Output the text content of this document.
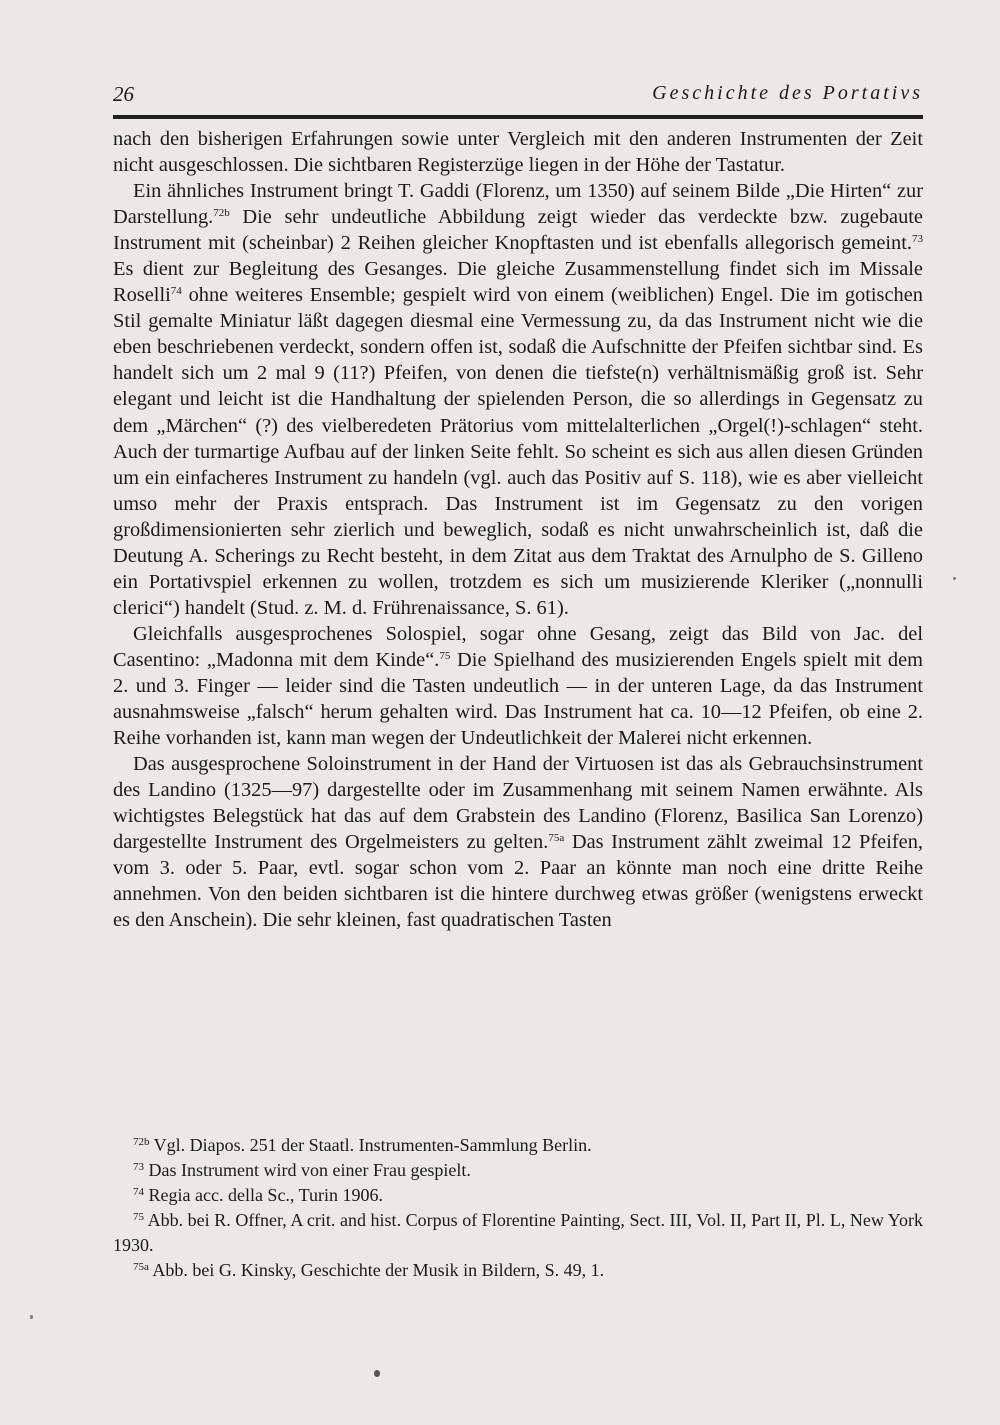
26	Geschichte des Portativs

nach den bisherigen Erfahrungen sowie unter Vergleich mit den anderen Instrumenten der Zeit nicht ausgeschlossen. Die sichtbaren Registerzüge liegen in der Höhe der Tastatur.

Ein ähnliches Instrument bringt T. Gaddi (Florenz, um 1350) auf seinem Bilde „Die Hirten“ zur Darstellung.$^{72b}$ Die sehr undeutliche Abbildung zeigt wieder das verdeckte bzw. zugebaute Instrument mit (scheinbar) 2 Reihen gleicher Knopftasten und ist ebenfalls allegorisch gemeint.$^{73}$ Es dient zur Begleitung des Gesanges. Die gleiche Zusammenstellung findet sich im Missale Roselli$^{74}$ ohne weiteres Ensemble; gespielt wird von einem (weiblichen) Engel. Die im gotischen Stil gemalte Miniatur läßt dagegen diesmal eine Vermessung zu, da das Instrument nicht wie die eben beschriebenen verdeckt, sondern offen ist, sodaß die Aufschnitte der Pfeifen sichtbar sind. Es handelt sich um 2 mal 9 (11?) Pfeifen, von denen die tiefste(n) verhältnismäßig groß ist. Sehr elegant und leicht ist die Handhaltung der spielenden Person, die so allerdings in Gegensatz zu dem „Märchen“ (?) des vielberedeten Prätorius vom mittelalterlichen „Orgel(!)-schlagen“ steht. Auch der turmartige Aufbau auf der linken Seite fehlt. So scheint es sich aus allen diesen Gründen um ein einfacheres Instrument zu handeln (vgl. auch das Positiv auf S. 118), wie es aber vielleicht umso mehr der Praxis entsprach. Das Instrument ist im Gegensatz zu den vorigen großdimensionierten sehr zierlich und beweglich, sodaß es nicht unwahrscheinlich ist, daß die Deutung A. Scherings zu Recht besteht, in dem Zitat aus dem Traktat des Arnulpho de S. Gilleno ein Portativspiel erkennen zu wollen, trotzdem es sich um musizierende Kleriker („nonnulli clerici“) handelt (Stud. z. M. d. Frührenaissance, S. 61).

Gleichfalls ausgesprochenes Solospiel, sogar ohne Gesang, zeigt das Bild von Jac. del Casentino: „Madonna mit dem Kinde“.$^{75}$ Die Spielhand des musizierenden Engels spielt mit dem 2. und 3. Finger — leider sind die Tasten undeutlich — in der unteren Lage, da das Instrument ausnahmsweise „falsch“ herum gehalten wird. Das Instrument hat ca. 10—12 Pfeifen, ob eine 2. Reihe vorhanden ist, kann man wegen der Undeutlichkeit der Malerei nicht erkennen.

Das ausgesprochene Soloinstrument in der Hand der Virtuosen ist das als Gebrauchsinstrument des Landino (1325—97) dargestellte oder im Zusammenhang mit seinem Namen erwähnte. Als wichtigstes Belegstück hat das auf dem Grabstein des Landino (Florenz, Basilica San Lorenzo) dargestellte Instrument des Orgelmeisters zu gelten.$^{75a}$ Das Instrument zählt zweimal 12 Pfeifen, vom 3. oder 5. Paar, evtl. sogar schon vom 2. Paar an könnte man noch eine dritte Reihe annehmen. Von den beiden sichtbaren ist die hintere durchweg etwas größer (wenigstens erweckt es den Anschein). Die sehr kleinen, fast quadratischen Tasten

$^{72b}$ Vgl. Diapos. 251 der Staatl. Instrumenten-Sammlung Berlin.

$^{73}$ Das Instrument wird von einer Frau gespielt.

$^{74}$ Regia acc. della Sc., Turin 1906.

$^{75}$ Abb. bei R. Offner, A crit. and hist. Corpus of Florentine Painting, Sect. III, Vol. II, Part II, Pl. L, New York 1930.

$^{75a}$ Abb. bei G. Kinsky, Geschichte der Musik in Bildern, S. 49, 1.
